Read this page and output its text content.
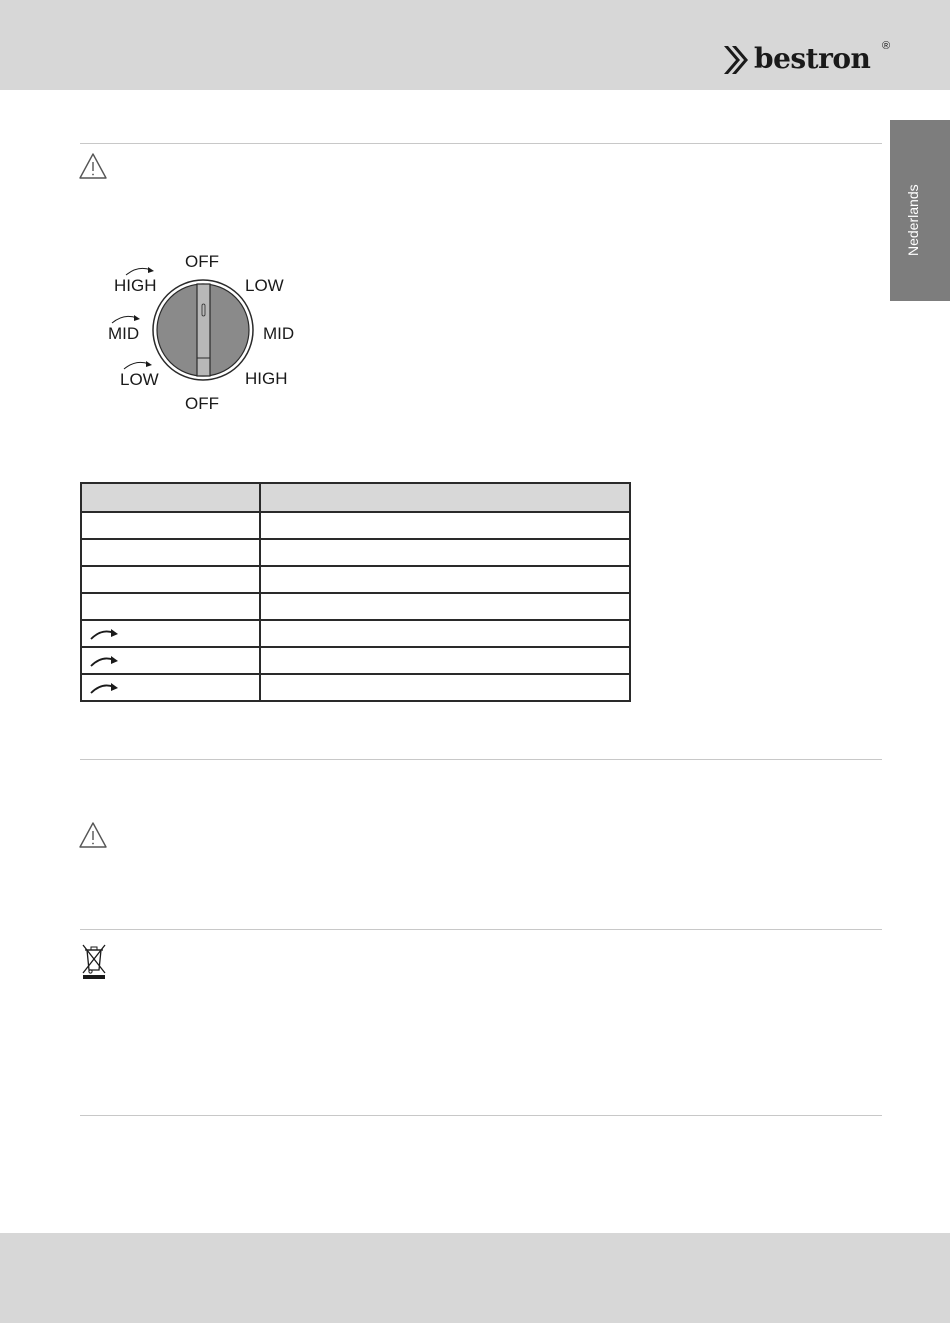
bestron ®
Nederlands
OFF
LOW
MID
HIGH
OFF
HIGH
MID
LOW
